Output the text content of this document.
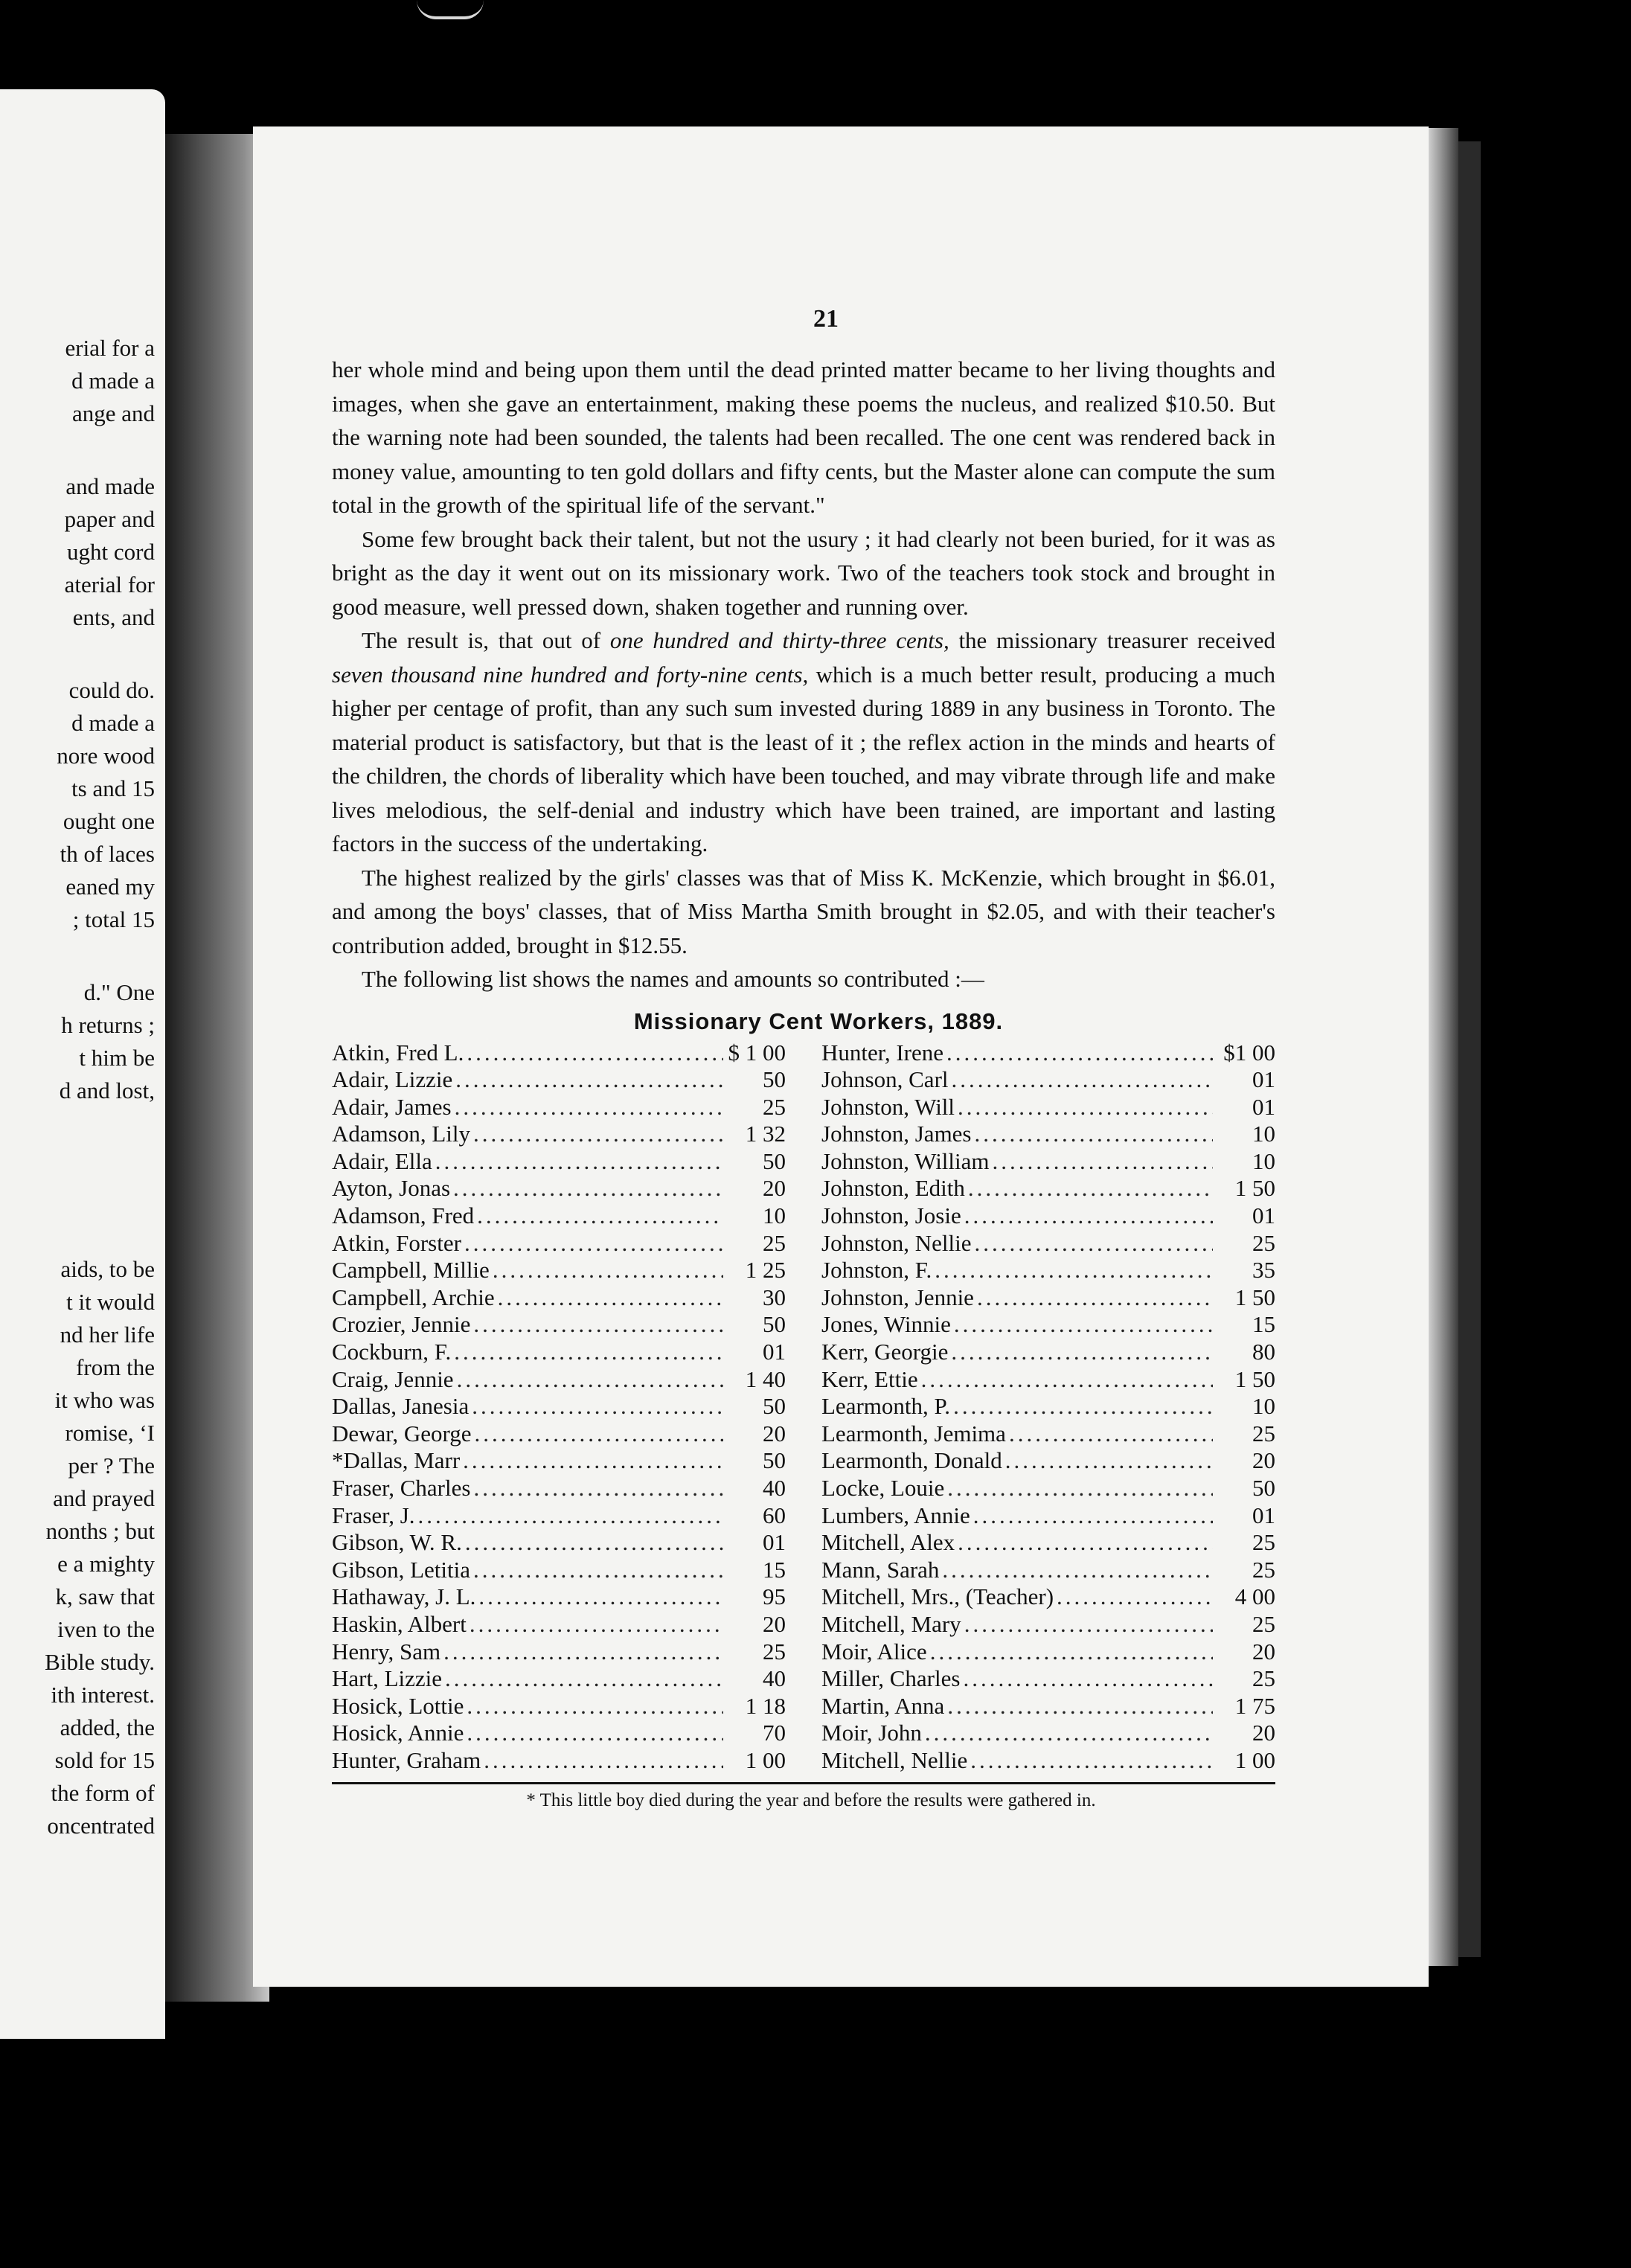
erial for a
d made a
ange and
and made
paper and
ught cord
aterial for
ents, and
could do.
d made a
nore wood
ts and 15
ought one
th of laces
eaned my
; total 15
d." One
h returns ;
t him be
d and lost,
aids, to be
t it would
nd her life
from the
it who was
romise, ‘I
per ? The
and prayed
nonths ; but
e a mighty
k, saw that
iven to the
Bible study.
ith interest.
added, the
sold for 15
the form of
oncentrated
21

her whole mind and being upon them until the dead printed matter became to her living thoughts and images, when she gave an entertainment, making these poems the nucleus, and realized $10.50. But the warning note had been sounded, the talents had been recalled. The one cent was rendered back in money value, amounting to ten gold dollars and fifty cents, but the Master alone can compute the sum total in the growth of the spiritual life of the servant."

Some few brought back their talent, but not the usury ; it had clearly not been buried, for it was as bright as the day it went out on its missionary work. Two of the teachers took stock and brought in good measure, well pressed down, shaken together and running over.

The result is, that out of one hundred and thirty-three cents, the missionary treasurer received seven thousand nine hundred and forty-nine cents, which is a much better result, producing a much higher per centage of profit, than any such sum invested during 1889 in any business in Toronto. The material product is satisfactory, but that is the least of it ; the reflex action in the minds and hearts of the children, the chords of liberality which have been touched, and may vibrate through life and make lives melodious, the self-denial and industry which have been trained, are important and lasting factors in the success of the undertaking.

The highest realized by the girls' classes was that of Miss K. McKenzie, which brought in $6.01, and among the boys' classes, that of Miss Martha Smith brought in $2.05, and with their teacher's contribution added, brought in $12.55.

The following list shows the names and amounts so contributed :—

Missionary Cent Workers, 1889.
Atkin, Fred L. .....	$ 1 00
Adair, Lizzie .....	50
Adair, James .....	25
Adamson, Lily .....	1 32
Adair, Ella .....	50
Ayton, Jonas .....	20
Adamson, Fred .....	10
Atkin, Forster .....	25
Campbell, Millie .....	1 25
Campbell, Archie .....	30
Crozier, Jennie .....	50
Cockburn, F. .....	01
Craig, Jennie .....	1 40
Dallas, Janesia .....	50
Dewar, George .....	20
*Dallas, Marr .....	50
Fraser, Charles .....	40
Fraser, J. .....	60
Gibson, W. R. .....	01
Gibson, Letitia .....	15
Hathaway, J. L. .....	95
Haskin, Albert .....	20
Henry, Sam .....	25
Hart, Lizzie .....	40
Hosick, Lottie .....	1 18
Hosick, Annie .....	70
Hunter, Graham .....	1 00
Hunter, Irene .....	$1 00
Johnson, Carl .....	01
Johnston, Will .....	01
Johnston, James .....	10
Johnston, William .....	10
Johnston, Edith .....	1 50
Johnston, Josie .....	01
Johnston, Nellie .....	25
Johnston, F. .....	35
Johnston, Jennie .....	1 50
Jones, Winnie .....	15
Kerr, Georgie .....	80
Kerr, Ettie .....	1 50
Learmonth, P. .....	10
Learmonth, Jemima .....	25
Learmonth, Donald .....	20
Locke, Louie .....	50
Lumbers, Annie .....	01
Mitchell, Alex .....	25
Mann, Sarah .....	25
Mitchell, Mrs., (Teacher) .....	4 00
Mitchell, Mary .....	25
Moir, Alice .....	20
Miller, Charles .....	25
Martin, Anna .....	1 75
Moir, John .....	20
Mitchell, Nellie .....	1 00
* This little boy died during the year and before the results were gathered in.
